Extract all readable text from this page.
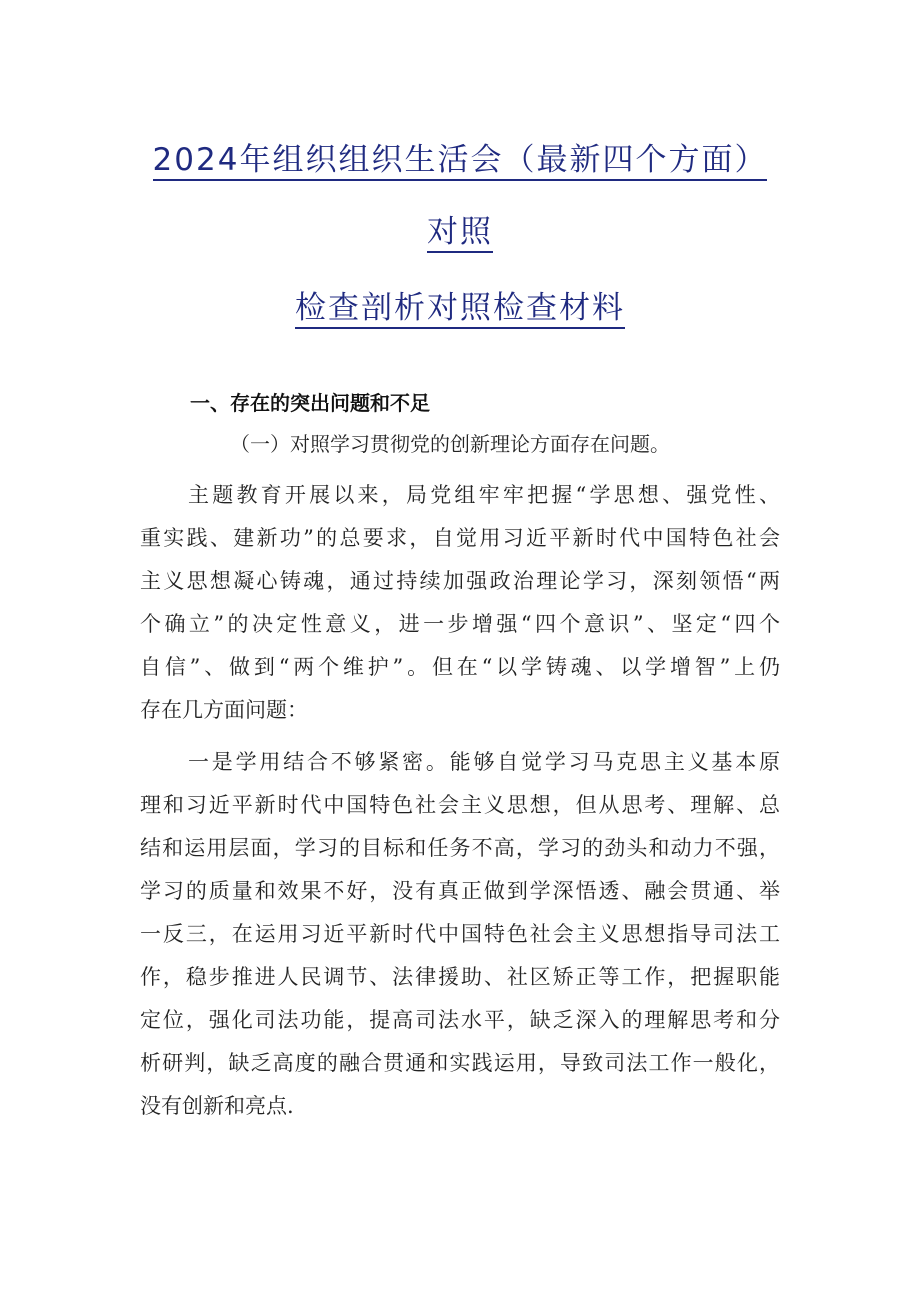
2024年组织组织生活会（最新四个方面）
对照
检查剖析对照检查材料
一、存在的突出问题和不足
（一）对照学习贯彻党的创新理论方面存在问题。
主题教育开展以来，局党组牢牢把握“学思想、强党性、
重实践、建新功”的总要求，自觉用习近平新时代中国特色社会
主义思想凝心铸魂，通过持续加强政治理论学习，深刻领悟“两
个确立”的决定性意义，进一步增强“四个意识”、坚定“四个
自信”、做到“两个维护”。但在“以学铸魂、以学增智”上仍
存在几方面问题：
一是学用结合不够紧密。能够自觉学习马克思主义基本原
理和习近平新时代中国特色社会主义思想，但从思考、理解、总
结和运用层面，学习的目标和任务不高，学习的劲头和动力不强，
学习的质量和效果不好，没有真正做到学深悟透、融会贯通、举
一反三，在运用习近平新时代中国特色社会主义思想指导司法工
作，稳步推进人民调节、法律援助、社区矫正等工作，把握职能
定位，强化司法功能，提高司法水平，缺乏深入的理解思考和分
析研判，缺乏高度的融合贯通和实践运用，导致司法工作一般化，
没有创新和亮点.
